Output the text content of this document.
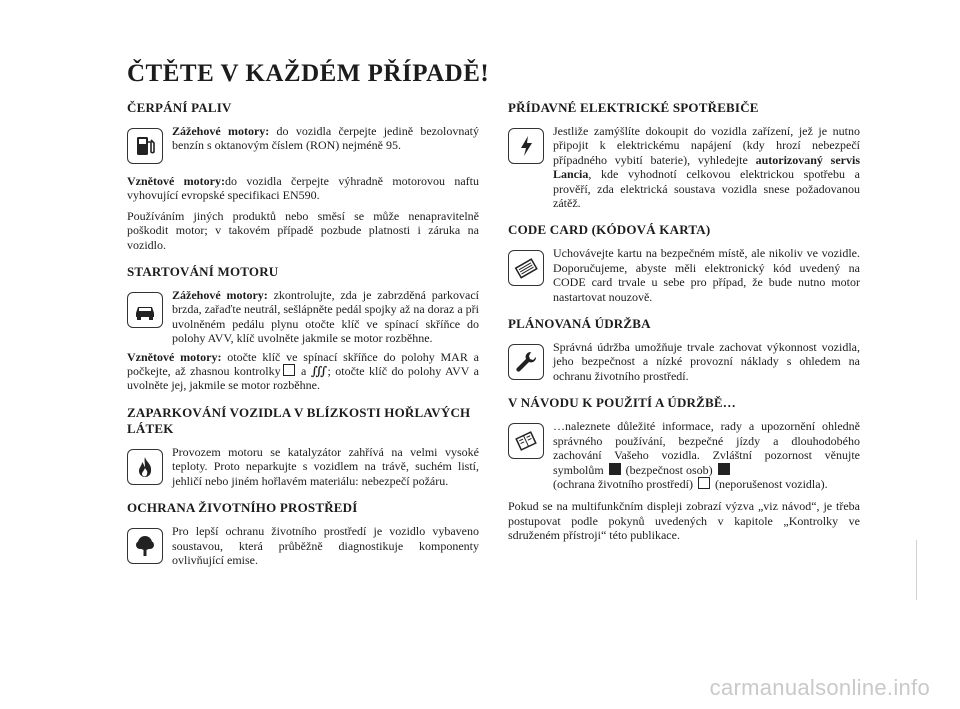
ČTĚTE V KAŽDÉM PŘÍPADĚ!
ČERPÁNÍ PALIV
Zážehové motory: do vozidla čerpejte jedině bezolovnatý benzín s oktanovým číslem (RON) nejméně 95.

Vznětové motory:do vozidla čerpejte výhradně motorovou naftu vyhovující evropské specifikaci EN590.

Používáním jiných produktů nebo směsí se může nenapravitelně poškodit motor; v takovém případě pozbude platnosti i záruka na vozidlo.

STARTOVÁNÍ MOTORU
Zážehové motory: zkontrolujte, zda je zabrzděná parkovací brzda, zařaďte neutrál, sešlápněte pedál spojky až na doraz a při uvolněném pedálu plynu otočte klíč ve spínací skříňce do polohy AVV, klíč uvolněte jakmile se motor rozběhne.

Vznětové motory: otočte klíč ve spínací skříňce do polohy MAR a počkejte, až zhasnou kontrolky a ∭; otočte klíč do polohy AVV a uvolněte jej, jakmile se motor rozběhne.

ZAPARKOVÁNÍ VOZIDLA V BLÍZKOSTI HOŘLAVÝCH LÁTEK
Provozem motoru se katalyzátor zahřívá na velmi vysoké teploty. Proto neparkujte s vozidlem na trávě, suchém listí, jehličí nebo jiném hořlavém materiálu: nebezpečí požáru.
OCHRANA ŽIVOTNÍHO PROSTŘEDÍ
Pro lepší ochranu životního prostředí je vozidlo vybaveno soustavou, která průběžně diagnostikuje komponenty ovlivňující emise.
PŘÍDAVNÉ ELEKTRICKÉ SPOTŘEBIČE
Jestliže zamýšlíte dokoupit do vozidla zařízení, jež je nutno připojit k elektrickému napájení (kdy hrozí nebezpečí případného vybití baterie), vyhledejte autorizovaný servis Lancia, kde vyhodnotí celkovou elektrickou spotřebu a prověří, zda elektrická soustava vozidla snese požadovanou zátěž.
CODE CARD (KÓDOVÁ KARTA)
Uchovávejte kartu na bezpečném místě, ale nikoliv ve vozidle. Doporučujeme, abyste měli elektronický kód uvedený na CODE card trvale u sebe pro případ, že bude nutno motor nastartovat nouzově.
PLÁNOVANÁ ÚDRŽBA
Správná údržba umožňuje trvale zachovat výkonnost vozidla, jeho bezpečnost a nízké provozní náklady s ohledem na ochranu životního prostředí.
V NÁVODU K POUŽITÍ A ÚDRŽBĚ…
…naleznete důležité informace, rady a upozornění ohledně správného používání, bezpečné jízdy a dlouhodobého zachování Vašeho vozidla. Zvláštní pozornost věnujte symbolům  (bezpečnost osob)
(ochrana životního prostředí)  (neporušenost vozidla).

Pokud se na multifunkčním displeji zobrazí výzva „viz návod“, je třeba postupovat podle pokynů uvedených v kapitole „Kontrolky ve sdruženém přístroji“ této publikace.

carmanualsonline.info
